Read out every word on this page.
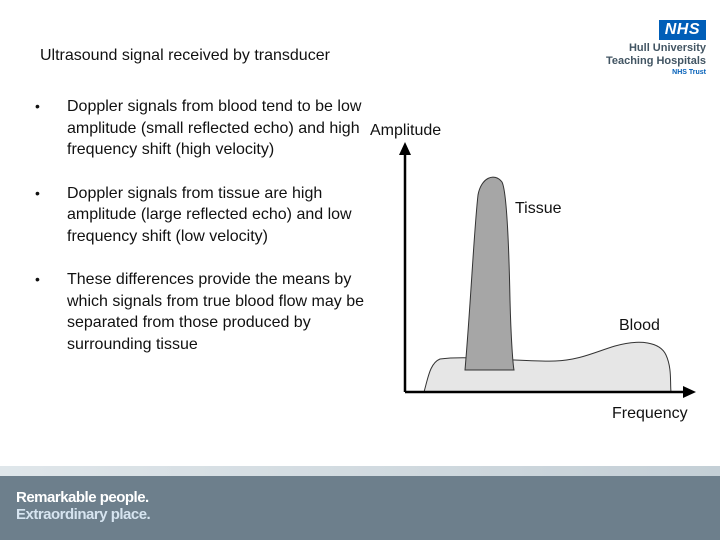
Ultrasound signal received by transducer
NHS
Hull University
Teaching Hospitals
NHS Trust
• Doppler signals from blood tend to be low amplitude (small reflected echo) and high frequency shift (high velocity)
• Doppler signals from tissue are high amplitude (large reflected echo) and low frequency shift (low velocity)
• These differences provide the means by which signals from true blood flow may be separated from those produced by surrounding tissue
Amplitude
Frequency
Tissue
Blood
Remarkable people.
Extraordinary place.
